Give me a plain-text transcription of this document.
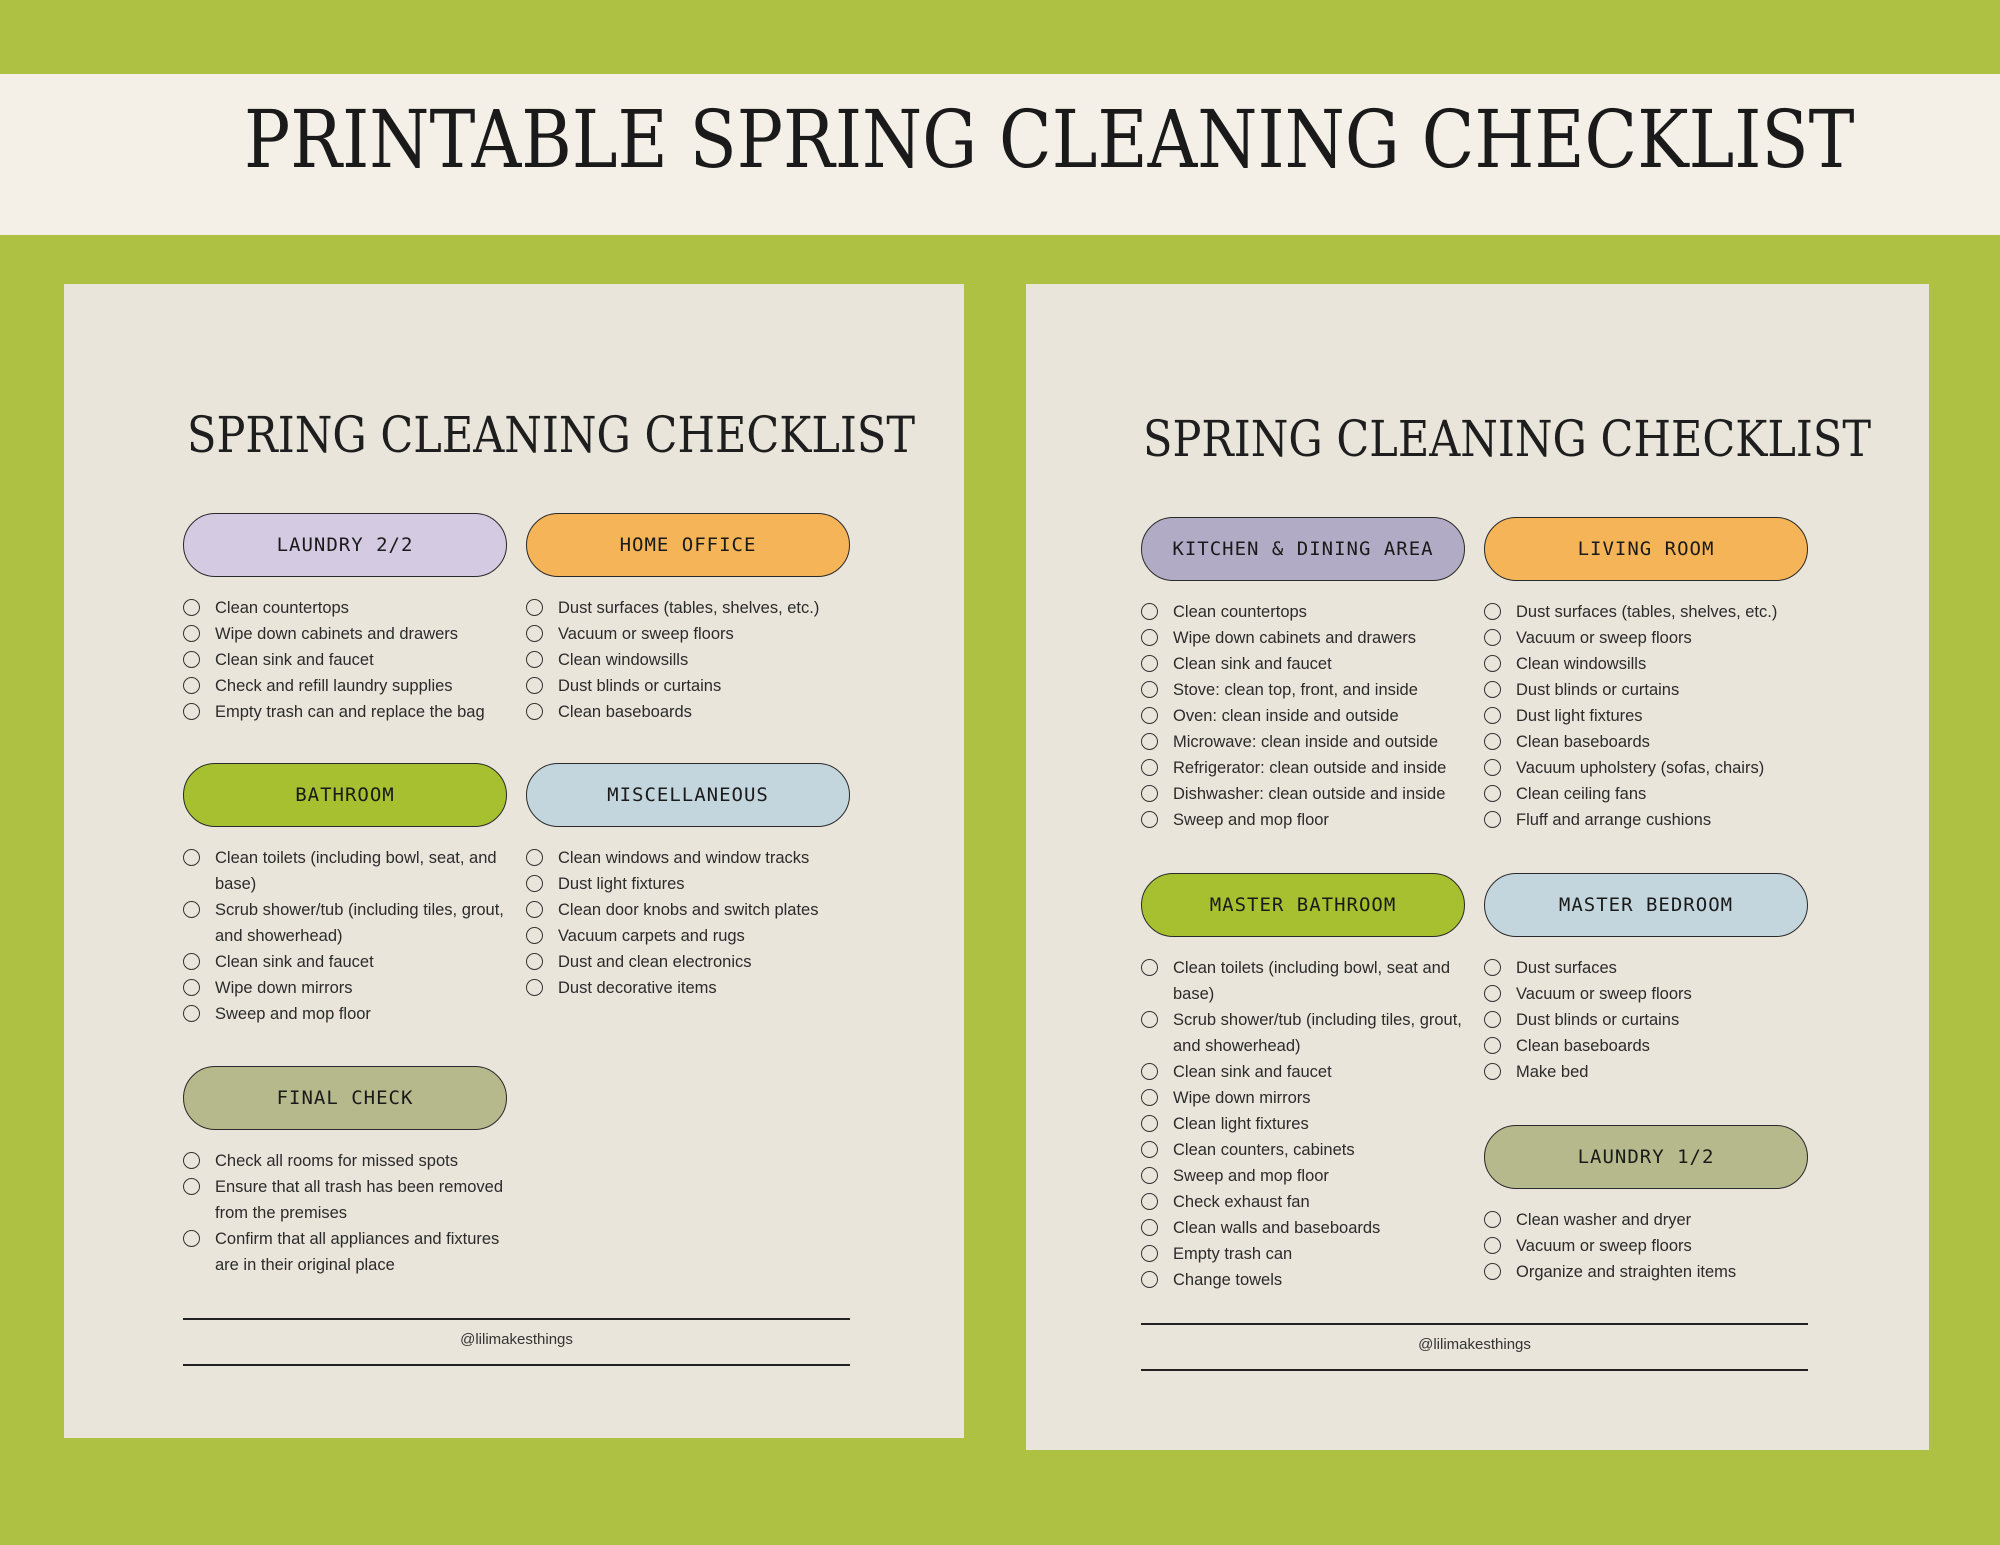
PRINTABLE SPRING CLEANING CHECKLIST
SPRING CLEANING CHECKLIST
LAUNDRY 2/2
Clean countertops
Wipe down cabinets and drawers
Clean sink and faucet
Check and refill laundry supplies
Empty trash can and replace the bag
HOME OFFICE
Dust surfaces (tables, shelves, etc.)
Vacuum or sweep floors
Clean windowsills
Dust blinds or curtains
Clean baseboards
BATHROOM
Clean toilets (including bowl, seat, and base)
Scrub shower/tub (including tiles, grout, and showerhead)
Clean sink and faucet
Wipe down mirrors
Sweep and mop floor
MISCELLANEOUS
Clean windows and window tracks
Dust light fixtures
Clean door knobs and switch plates
Vacuum carpets and rugs
Dust and clean electronics
Dust decorative items
FINAL CHECK
Check all rooms for missed spots
Ensure that all trash has been removed from the premises
Confirm that all appliances and fixtures are in their original place
@lilimakesthings
SPRING CLEANING CHECKLIST
KITCHEN & DINING AREA
Clean countertops
Wipe down cabinets and drawers
Clean sink and faucet
Stove: clean top, front, and inside
Oven: clean inside and outside
Microwave: clean inside and outside
Refrigerator: clean outside and inside
Dishwasher: clean outside and inside
Sweep and mop floor
LIVING ROOM
Dust surfaces (tables, shelves, etc.)
Vacuum or sweep floors
Clean windowsills
Dust blinds or curtains
Dust light fixtures
Clean baseboards
Vacuum upholstery (sofas, chairs)
Clean ceiling fans
Fluff and arrange cushions
MASTER BATHROOM
Clean toilets (including bowl, seat and base)
Scrub shower/tub (including tiles, grout, and showerhead)
Clean sink and faucet
Wipe down mirrors
Clean light fixtures
Clean counters, cabinets
Sweep and mop floor
Check exhaust fan
Clean walls and baseboards
Empty trash can
Change towels
MASTER BEDROOM
Dust surfaces
Vacuum or sweep floors
Dust blinds or curtains
Clean baseboards
Make bed
LAUNDRY 1/2
Clean washer and dryer
Vacuum or sweep floors
Organize and straighten items
@lilimakesthings
